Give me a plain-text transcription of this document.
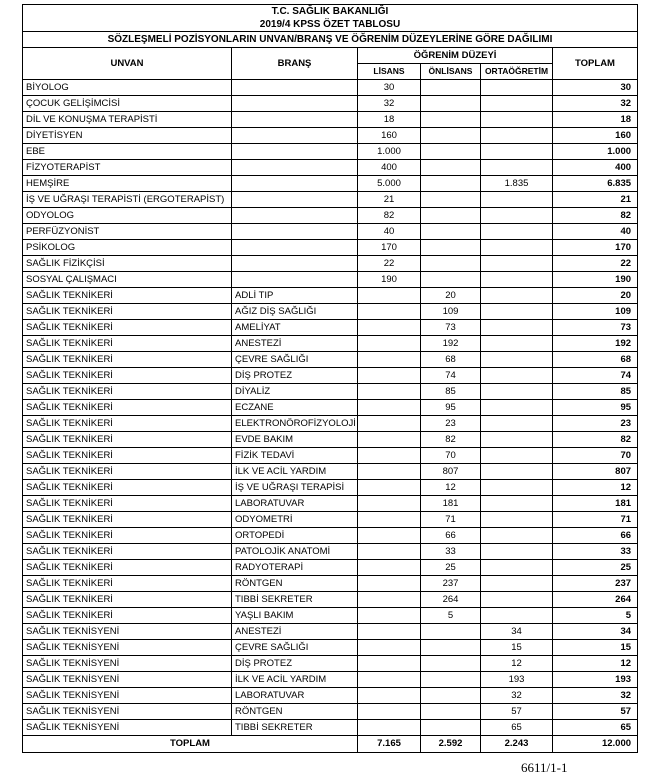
T.C. SAĞLIK BAKANLIĞI					
2019/4 KPSS ÖZET TABLOSU					
SÖZLEŞMELİ POZİSYONLARIN UNVAN/BRANŞ VE ÖĞRENİM DÜZEYLERİNE GÖRE DAĞILIMI					
UNVAN	BRANŞ	ÖĞRENİM DÜZEYİ			TOPLAM
		LİSANS	ÖNLİSANS	ORTAÖĞRETİM	
BİYOLOG		30			30
ÇOCUK GELİŞİMCİSİ		32			32
DİL VE KONUŞMA TERAPİSTİ		18			18
DİYETİSYEN		160			160
EBE		1.000			1.000
FİZYOTERAPİST		400			400
HEMŞİRE		5.000		1.835	6.835
İŞ VE UĞRAŞI TERAPİSTİ (ERGOTERAPİST)		21			21
ODYOLOG		82			82
PERFÜZYONİST		40			40
PSİKOLOG		170			170
SAĞLIK FİZİKÇİSİ		22			22
SOSYAL ÇALIŞMACI		190			190
SAĞLIK TEKNİKERİ	ADLİ TIP		20		20
SAĞLIK TEKNİKERİ	AĞIZ DİŞ SAĞLIĞI		109		109
SAĞLIK TEKNİKERİ	AMELİYAT		73		73
SAĞLIK TEKNİKERİ	ANESTEZİ		192		192
SAĞLIK TEKNİKERİ	ÇEVRE SAĞLIĞI		68		68
SAĞLIK TEKNİKERİ	DİŞ PROTEZ		74		74
SAĞLIK TEKNİKERİ	DİYALİZ		85		85
SAĞLIK TEKNİKERİ	ECZANE		95		95
SAĞLIK TEKNİKERİ	ELEKTRONÖROFİZYOLOJİ		23		23
SAĞLIK TEKNİKERİ	EVDE BAKIM		82		82
SAĞLIK TEKNİKERİ	FİZİK TEDAVİ		70		70
SAĞLIK TEKNİKERİ	İLK VE ACİL YARDIM		807		807
SAĞLIK TEKNİKERİ	İŞ VE UĞRAŞI TERAPİSİ		12		12
SAĞLIK TEKNİKERİ	LABORATUVAR		181		181
SAĞLIK TEKNİKERİ	ODYOMETRİ		71		71
SAĞLIK TEKNİKERİ	ORTOPEDİ		66		66
SAĞLIK TEKNİKERİ	PATOLOJİK ANATOMİ		33		33
SAĞLIK TEKNİKERİ	RADYOTERAPİ		25		25
SAĞLIK TEKNİKERİ	RÖNTGEN		237		237
SAĞLIK TEKNİKERİ	TIBBİ SEKRETER		264		264
SAĞLIK TEKNİKERİ	YAŞLI BAKIM		5		5
SAĞLIK TEKNİSYENİ	ANESTEZİ			34	34
SAĞLIK TEKNİSYENİ	ÇEVRE SAĞLIĞI			15	15
SAĞLIK TEKNİSYENİ	DİŞ PROTEZ			12	12
SAĞLIK TEKNİSYENİ	İLK VE ACİL YARDIM			193	193
SAĞLIK TEKNİSYENİ	LABORATUVAR			32	32
SAĞLIK TEKNİSYENİ	RÖNTGEN			57	57
SAĞLIK TEKNİSYENİ	TIBBİ SEKRETER			65	65
TOPLAM		7.165	2.592	2.243	12.000
6611/1-1
